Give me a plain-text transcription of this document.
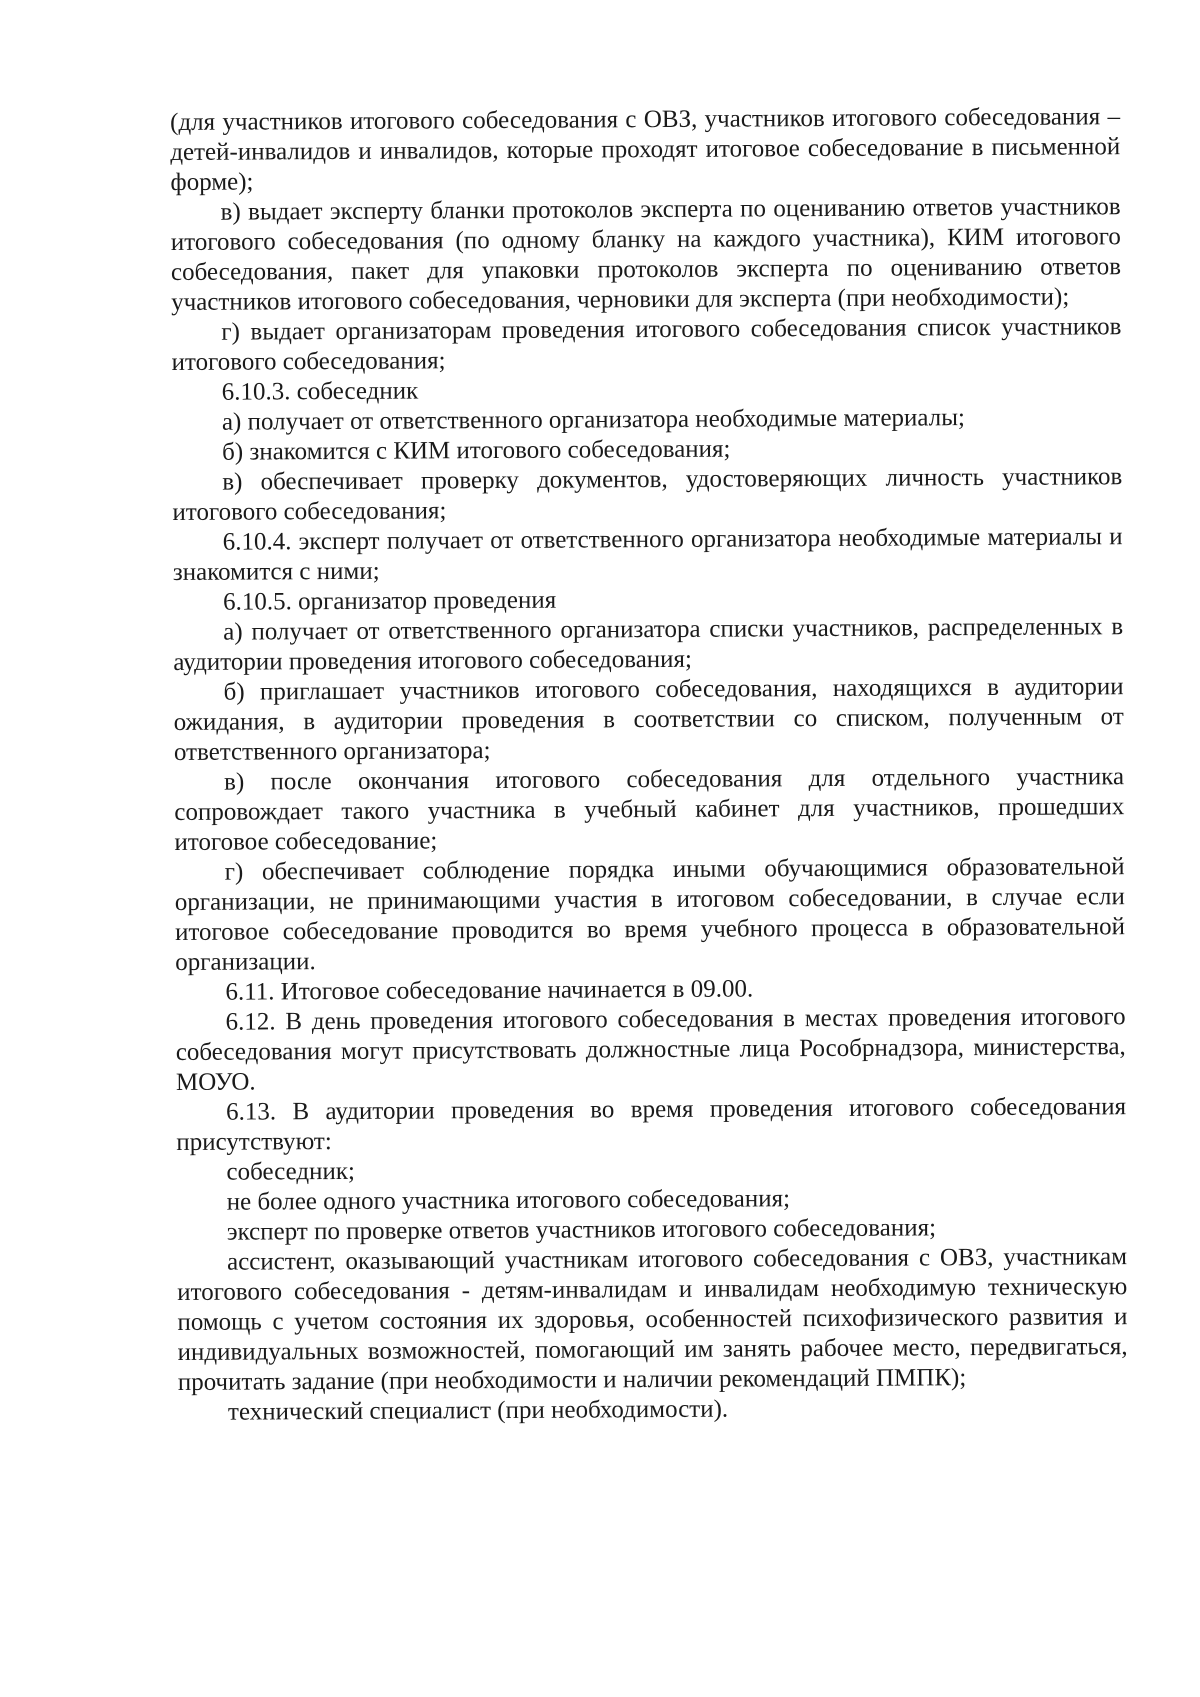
(для участников итогового собеседования с ОВЗ, участников итогового собеседования – детей-инвалидов и инвалидов, которые проходят итоговое собеседование в письменной форме);

в) выдает эксперту бланки протоколов эксперта по оцениванию ответов участников итогового собеседования (по одному бланку на каждого участника), КИМ итогового собеседования, пакет для упаковки протоколов эксперта по оцениванию ответов участников итогового собеседования, черновики для эксперта (при необходимости);

г) выдает организаторам проведения итогового собеседования список участников итогового собеседования;

6.10.3. собеседник

а) получает от ответственного организатора необходимые материалы;

б) знакомится с КИМ итогового собеседования;

в) обеспечивает проверку документов, удостоверяющих личность участников итогового собеседования;

6.10.4. эксперт получает от ответственного организатора необходимые материалы и знакомится с ними;

6.10.5. организатор проведения

а) получает от ответственного организатора списки участников, распределенных в аудитории проведения итогового собеседования;

б) приглашает участников итогового собеседования, находящихся в аудитории ожидания, в аудитории проведения в соответствии со списком, полученным от ответственного организатора;

в) после окончания итогового собеседования для отдельного участника сопровождает такого участника в учебный кабинет для участников, прошедших итоговое собеседование;

г) обеспечивает соблюдение порядка иными обучающимися образовательной организации, не принимающими участия в итоговом собеседовании, в случае если итоговое собеседование проводится во время учебного процесса в образовательной организации.

6.11. Итоговое собеседование начинается в 09.00.

6.12. В день проведения итогового собеседования в местах проведения итогового собеседования могут присутствовать должностные лица Рособрнадзора, министерства, МОУО.

6.13. В аудитории проведения во время проведения итогового собеседования присутствуют:

собеседник;

не более одного участника итогового собеседования;

эксперт по проверке ответов участников итогового собеседования;

ассистент, оказывающий участникам итогового собеседования с ОВЗ, участникам итогового собеседования - детям-инвалидам и инвалидам необходимую техническую помощь с учетом состояния их здоровья, особенностей психофизического развития и индивидуальных возможностей, помогающий им занять рабочее место, передвигаться, прочитать задание (при необходимости и наличии рекомендаций ПМПК);

технический специалист (при необходимости).
